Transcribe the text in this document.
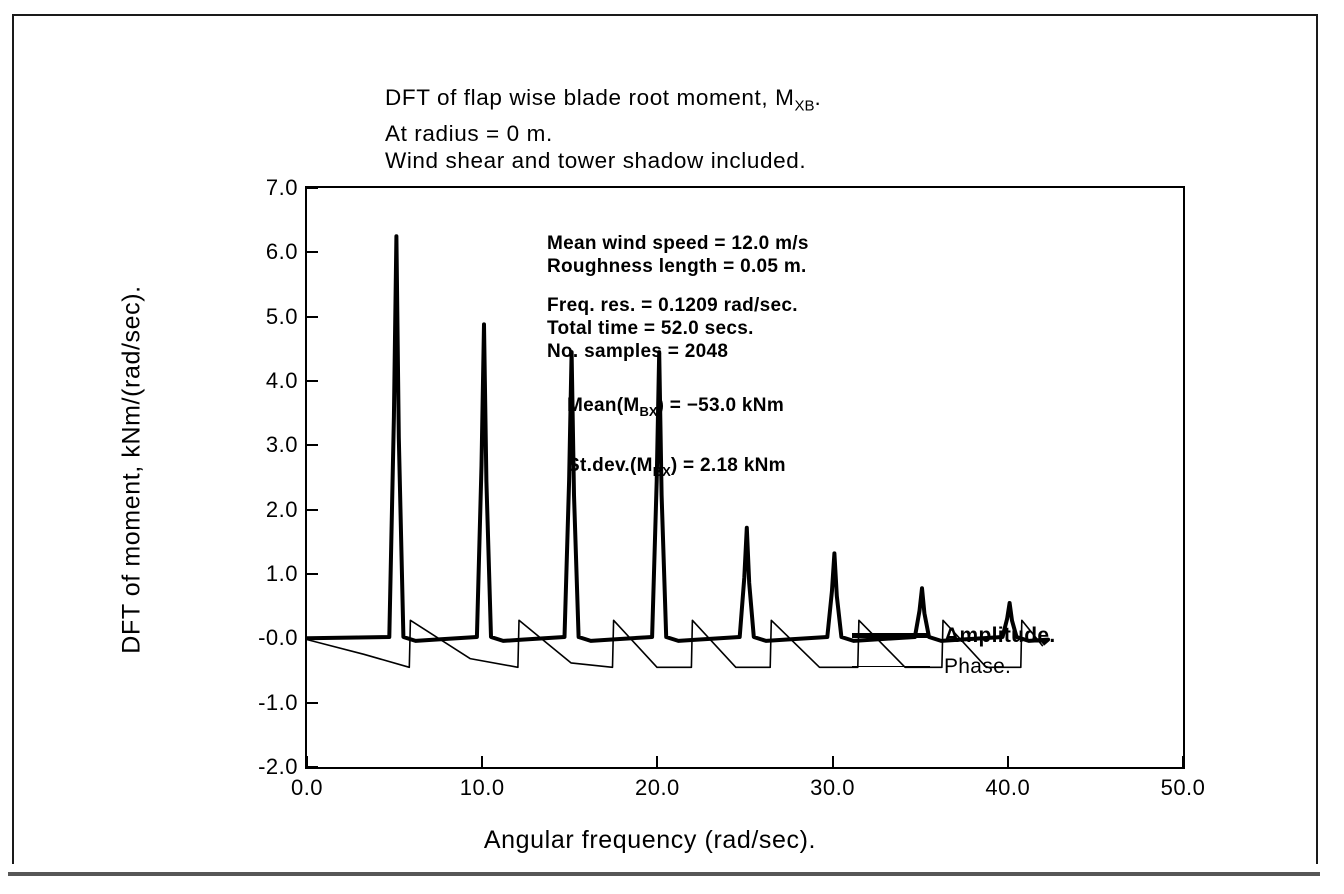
DFT of flap wise blade root moment, $M_{XB}$.
At radius = 0 m.
Wind shear and tower shadow included.
DFT of moment, kNm/(rad/sec).
Angular frequency (rad/sec).
-2.0
-1.0
-0.0
1.0
2.0
3.0
4.0
5.0
6.0
7.0
0.0	10.0	20.0	30.0	40.0	50.0
Mean wind speed = 12.0 m/s
Roughness length = 0.05 m.
Freq. res. = 0.1209 rad/sec.
Total time = 52.0 secs.
No. samples = 2048
$Mean(M_{BX}) = -53.0$ kNm
$St.dev.(M_{BX}) = 2.18$ kNm
Amplitude.
Phase.
